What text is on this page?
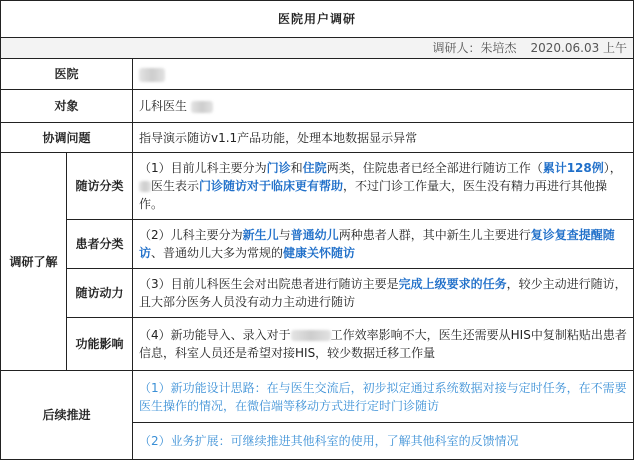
医院用户调研		
调研人：朱培杰 2020.06.03 上午		
医院		
对象		儿科医生
协调问题		指导演示随访v1.1产品功能，处理本地数据显示异常
调研了解	随访分类	（1）目前儿科主要分为门诊和住院两类，住院患者已经全部进行随访工作（累计128例），医生表示门诊随访对于临床更有帮助，不过门诊工作量大，医生没有精力再进行其他操作。
	患者分类	（2）儿科主要分为新生儿与普通幼儿两种患者人群，其中新生儿主要进行复诊复查提醒随访、普通幼儿大多为常规的健康关怀随访
	随访动力	（3）目前儿科医生会对出院患者进行随访主要是完成上级要求的任务，较少主动进行随访，且大部分医务人员没有动力主动进行随访
	功能影响	（4）新功能导入、录入对于 工作效率影响不大，医生还需要从HIS中复制粘贴出患者信息，科室人员还是希望对接HIS，较少数据迁移工作量
后续推进		（1）新功能设计思路：在与医生交流后，初步拟定通过系统数据对接与定时任务，在不需要医生操作的情况，在微信端等移动方式进行定时门诊随访
		（2）业务扩展：可继续推进其他科室的使用，了解其他科室的反馈情况
